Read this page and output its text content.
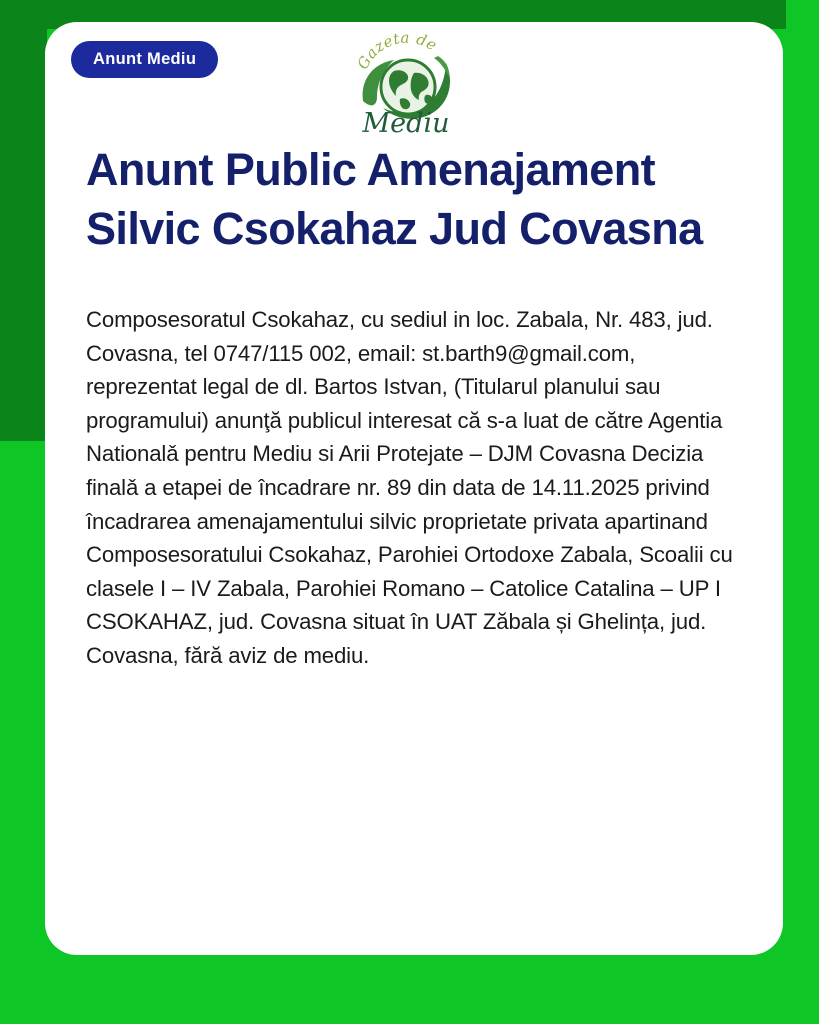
Anunt Mediu	Gazeta de
Mediu
Anunt Public Amenajament Silvic Csokahaz Jud Covasna

Composesoratul Csokahaz, cu sediul in loc. Zabala, Nr. 483, jud. Covasna, tel 0747/115 002, email: st.barth9@gmail.com, reprezentat legal de dl. Bartos Istvan, (Titularul planului sau programului) anunţă publicul interesat că s-a luat de către Agentia Nationalǎ pentru Mediu si Arii Protejate – DJM Covasna Decizia finalǎ a etapei de încadrare nr. 89 din data de 14.11.2025 privind încadrarea amenajamentului silvic proprietate privata apartinand Composesoratului Csokahaz, Parohiei Ortodoxe Zabala, Scoalii cu clasele I – IV Zabala, Parohiei Romano – Catolice Catalina – UP I CSOKAHAZ, jud. Covasna situat în UAT Zăbala și Ghelința, jud. Covasna, fără aviz de mediu.
